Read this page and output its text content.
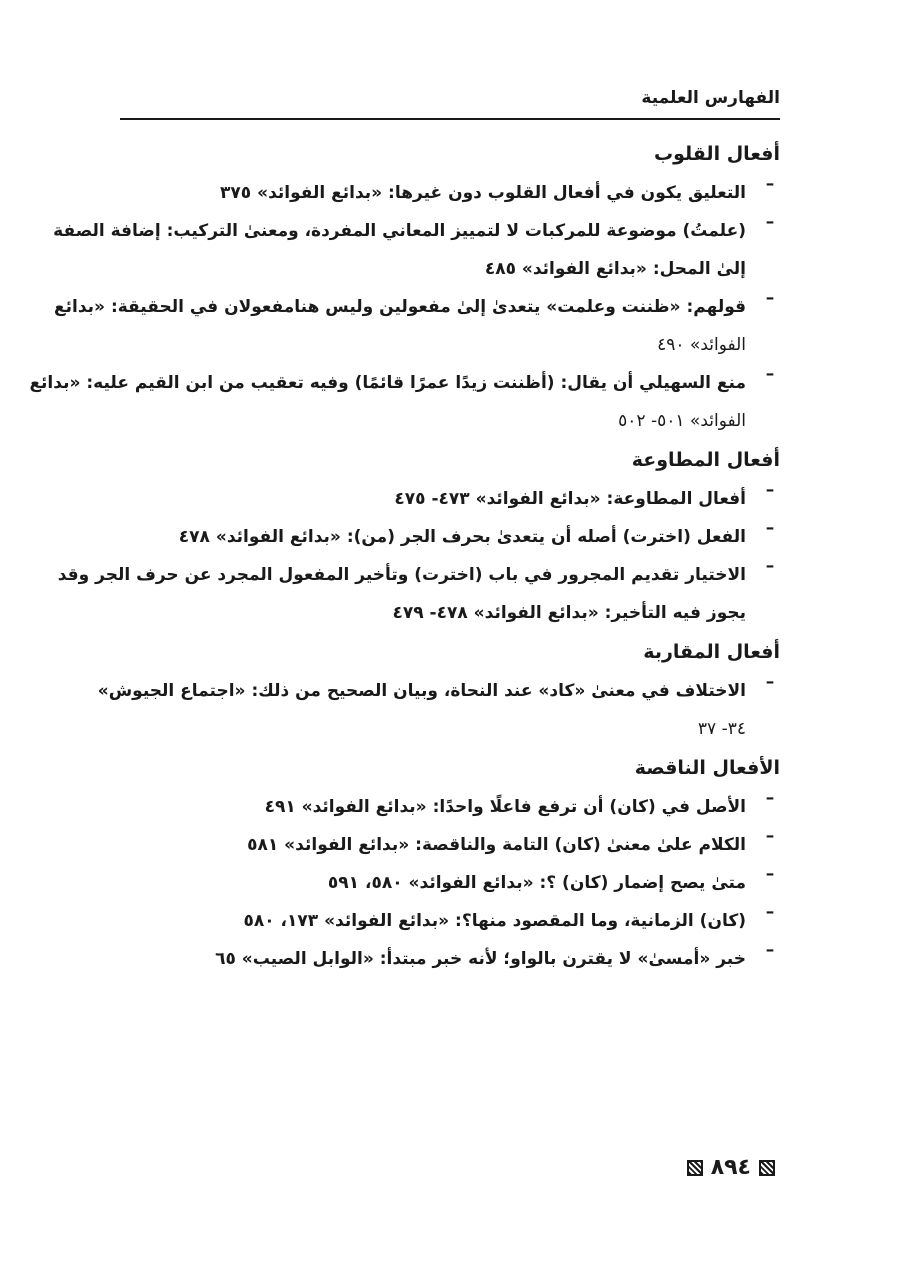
الفهارس العلمية
أفعال القلوب
–
التعليق يكون في أفعال القلوب دون غيرها: «بدائع الفوائد» ٣٧٥
–
(علمتُ) موضوعة للمركبات لا لتمييز المعاني المفردة، ومعنىٰ التركيب: إضافة الصفة
إلىٰ المحل: «بدائع الفوائد» ٤٨٥
–
قولهم: «ظننت وعلمت» يتعدىٰ إلىٰ مفعولين وليس هنامفعولان في الحقيقة: «بدائع
الفوائد» ٤٩٠
–
منع السهيلي أن يقال: (أظننت زيدًا عمرًا قائمًا) وفيه تعقيب من ابن القيم عليه: «بدائع
الفوائد» ٥٠١- ٥٠٢
أفعال المطاوعة
–
أفعال المطاوعة: «بدائع الفوائد» ٤٧٣- ٤٧٥
–
الفعل (اخترت) أصله أن يتعدىٰ بحرف الجر (من): «بدائع الفوائد» ٤٧٨
–
الاختيار تقديم المجرور في باب (اخترت) وتأخير المفعول المجرد عن حرف الجر وقد
يجوز فيه التأخير: «بدائع الفوائد» ٤٧٨- ٤٧٩
أفعال المقاربة
–
الاختلاف في معنىٰ «كاد» عند النحاة، وبيان الصحيح من ذلك: «اجتماع الجيوش»
٣٤- ٣٧
الأفعال الناقصة
–
الأصل في (كان) أن ترفع فاعلًا واحدًا: «بدائع الفوائد» ٤٩١
–
الكلام علىٰ معنىٰ (كان) التامة والناقصة: «بدائع الفوائد» ٥٨١
–
متىٰ يصح إضمار (كان) ؟: «بدائع الفوائد» ٥٨٠، ٥٩١
–
(كان) الزمانية، وما المقصود منها؟: «بدائع الفوائد» ١٧٣، ٥٨٠
–
خبر «أمسىٰ» لا يقترن بالواو؛ لأنه خبر مبتدأ: «الوابل الصيب» ٦٥
٨٩٤
